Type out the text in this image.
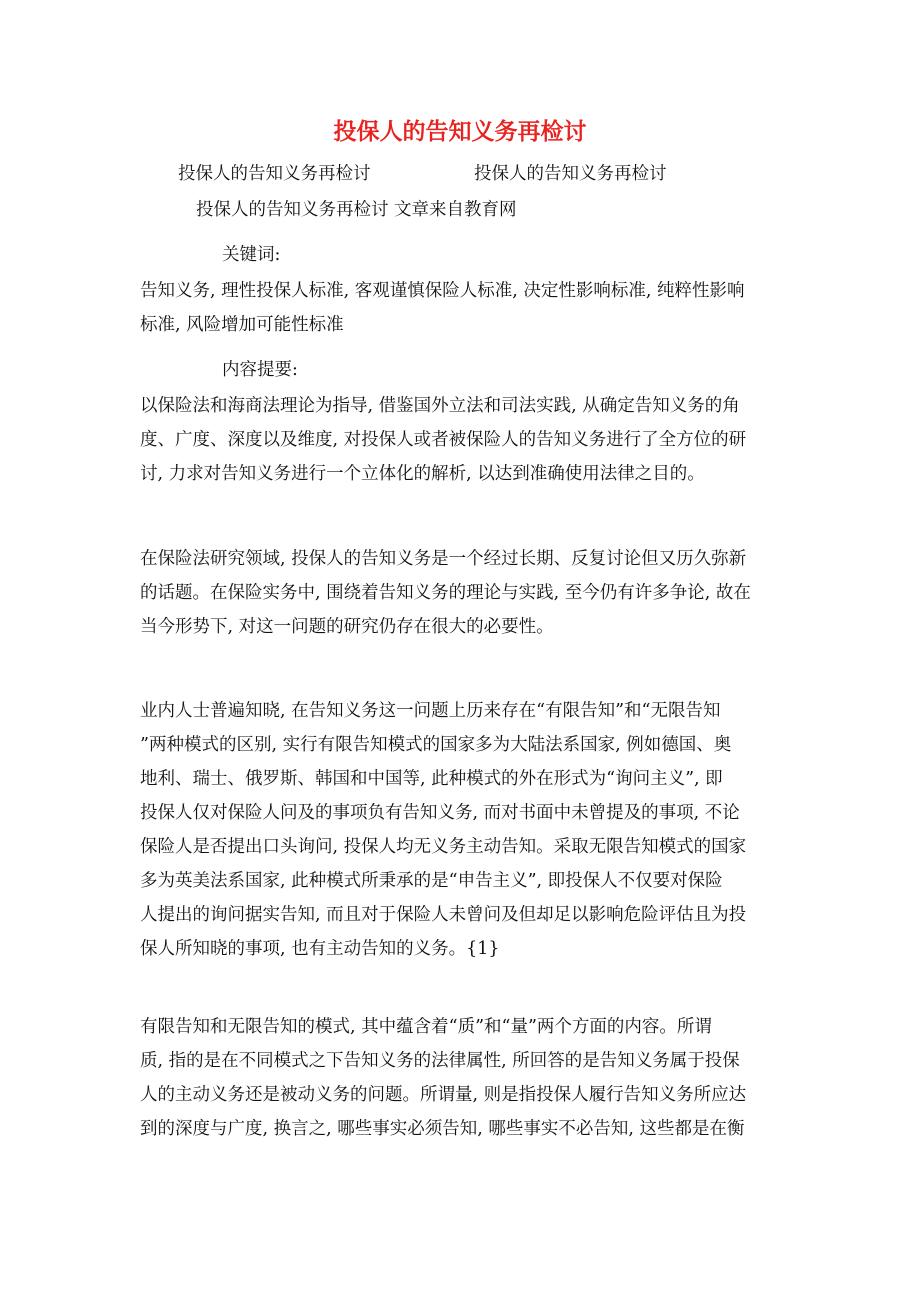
投保人的告知义务再检讨
投保人的告知义务再检讨	投保人的告知义务再检讨
投保人的告知义务再检讨 文章来自教育网
关键词:
告知义务, 理性投保人标准, 客观谨慎保险人标准, 决定性影响标准, 纯粹性影响
标准, 风险增加可能性标准
内容提要:
以保险法和海商法理论为指导, 借鉴国外立法和司法实践, 从确定告知义务的角
度、广度、深度以及维度, 对投保人或者被保险人的告知义务进行了全方位的研
讨, 力求对告知义务进行一个立体化的解析, 以达到准确使用法律之目的。
在保险法研究领域, 投保人的告知义务是一个经过长期、反复讨论但又历久弥新
的话题。在保险实务中, 围绕着告知义务的理论与实践, 至今仍有许多争论, 故在
当今形势下, 对这一问题的研究仍存在很大的必要性。
业内人士普遍知晓, 在告知义务这一问题上历来存在“有限告知”和“无限告知
”两种模式的区别, 实行有限告知模式的国家多为大陆法系国家, 例如德国、奥
地利、瑞士、俄罗斯、韩国和中国等, 此种模式的外在形式为“询问主义”, 即
投保人仅对保险人问及的事项负有告知义务, 而对书面中未曾提及的事项, 不论
保险人是否提出口头询问, 投保人均无义务主动告知。采取无限告知模式的国家
多为英美法系国家, 此种模式所秉承的是“申告主义”, 即投保人不仅要对保险
人提出的询问据实告知, 而且对于保险人未曾问及但却足以影响危险评估且为投
保人所知晓的事项, 也有主动告知的义务。{1}
有限告知和无限告知的模式, 其中蕴含着“质”和“量”两个方面的内容。所谓
质, 指的是在不同模式之下告知义务的法律属性, 所回答的是告知义务属于投保
人的主动义务还是被动义务的问题。所谓量, 则是指投保人履行告知义务所应达
到的深度与广度, 换言之, 哪些事实必须告知, 哪些事实不必告知, 这些都是在衡
